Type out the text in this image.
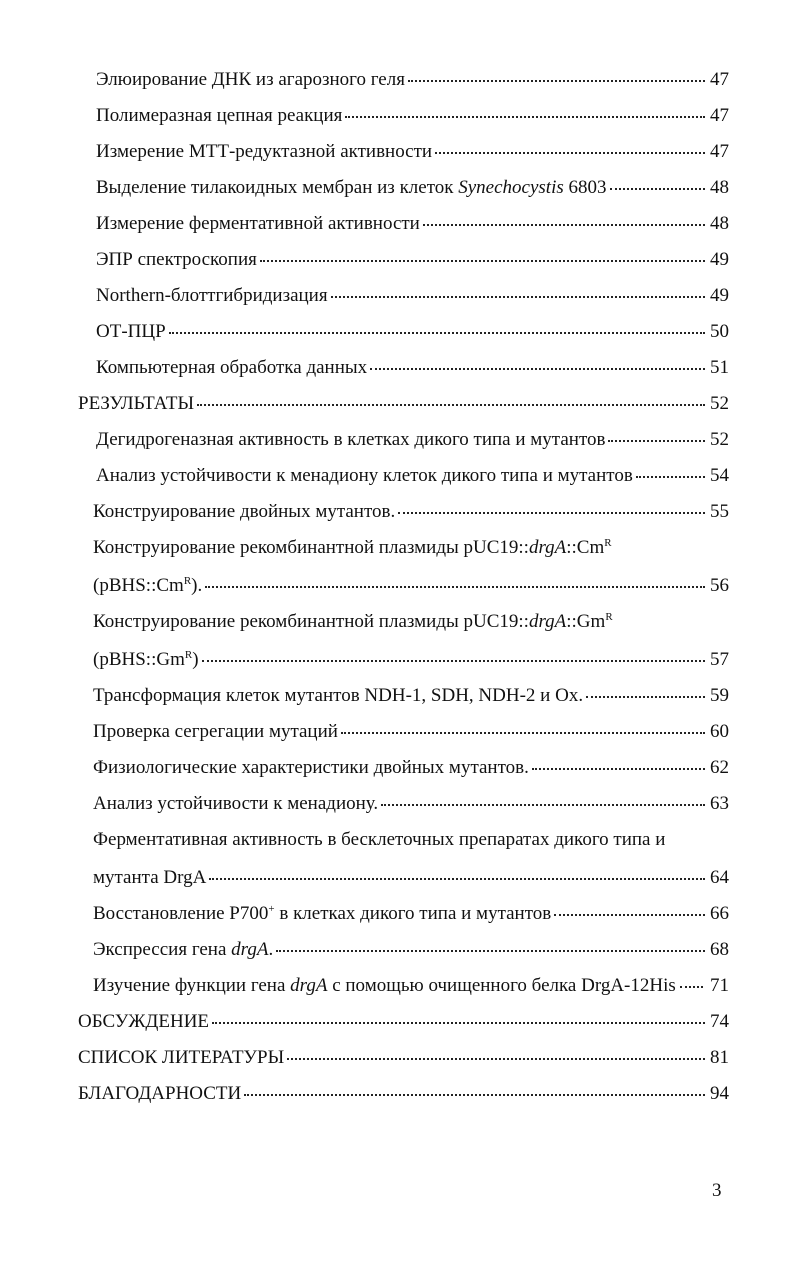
Элюирование ДНК из агарозного геля	47
Полимеразная цепная реакция	47
Измерение МТТ-редуктазной активности	47
Выделение тилакоидных мембран из клеток Synechocystis 6803	48
Измерение ферментативной активности	48
ЭПР спектроскопия	49
Northern-блоттгибридизация	49
ОТ-ПЦР	50
Компьютерная обработка данных	51
РЕЗУЛЬТАТЫ	52
Дегидрогеназная активность в клетках дикого типа и мутантов	52
Анализ устойчивости к менадиону клеток дикого типа и мутантов	54
Конструирование двойных мутантов.	55
Конструирование рекомбинантной плазмиды $pUC19::drgA::Cm^R$
$(pBHS::Cm^R)$.	56
Конструирование рекомбинантной плазмиды $pUC19::drgA::Gm^R$
$(pBHS::Gm^R)$	57
Трансформация клеток мутантов NDH-1, SDH, NDH-2 и Ox.	59
Проверка сегрегации мутаций	60
Физиологические характеристики двойных мутантов.	62
Анализ устойчивости к менадиону.	63
Ферментативная активность в бесклеточных препаратах дикого типа и
мутанта DrgA	64
Восстановление P700+ в клетках дикого типа и мутантов	66
Экспрессия гена drgA.	68
Изучение функции гена drgA с помощью очищенного белка DrgA-12His 71
ОБСУЖДЕНИЕ	74
СПИСОК ЛИТЕРАТУРЫ	81
БЛАГОДАРНОСТИ	94
3
